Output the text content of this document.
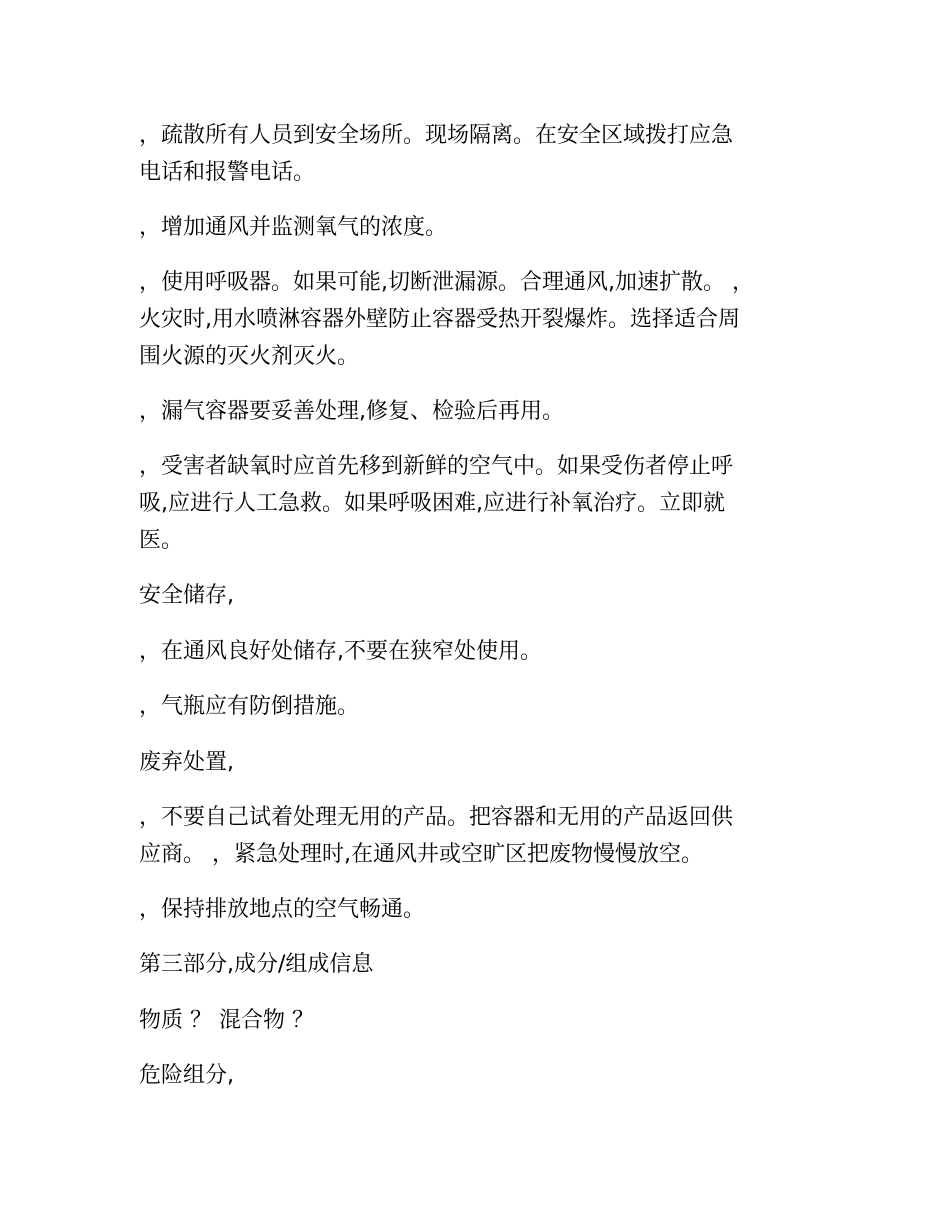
，疏散所有人员到安全场所。现场隔离。在安全区域拨打应急
电话和报警电话。

，增加通风并监测氧气的浓度。

，使用呼吸器。如果可能,切断泄漏源。合理通风,加速扩散。 ，
火灾时,用水喷淋容器外壁防止容器受热开裂爆炸。选择适合周
围火源的灭火剂灭火。

，漏气容器要妥善处理,修复、检验后再用。

，受害者缺氧时应首先移到新鲜的空气中。如果受伤者停止呼
吸,应进行人工急救。如果呼吸困难,应进行补氧治疗。立即就
医。

安全储存,

，在通风良好处储存,不要在狭窄处使用。

，气瓶应有防倒措施。

废弃处置,

，不要自己试着处理无用的产品。把容器和无用的产品返回供
应商。 ，紧急处理时,在通风井或空旷区把废物慢慢放空。

，保持排放地点的空气畅通。

第三部分,成分/组成信息

物质 ？ 混合物 ？

危险组分,
